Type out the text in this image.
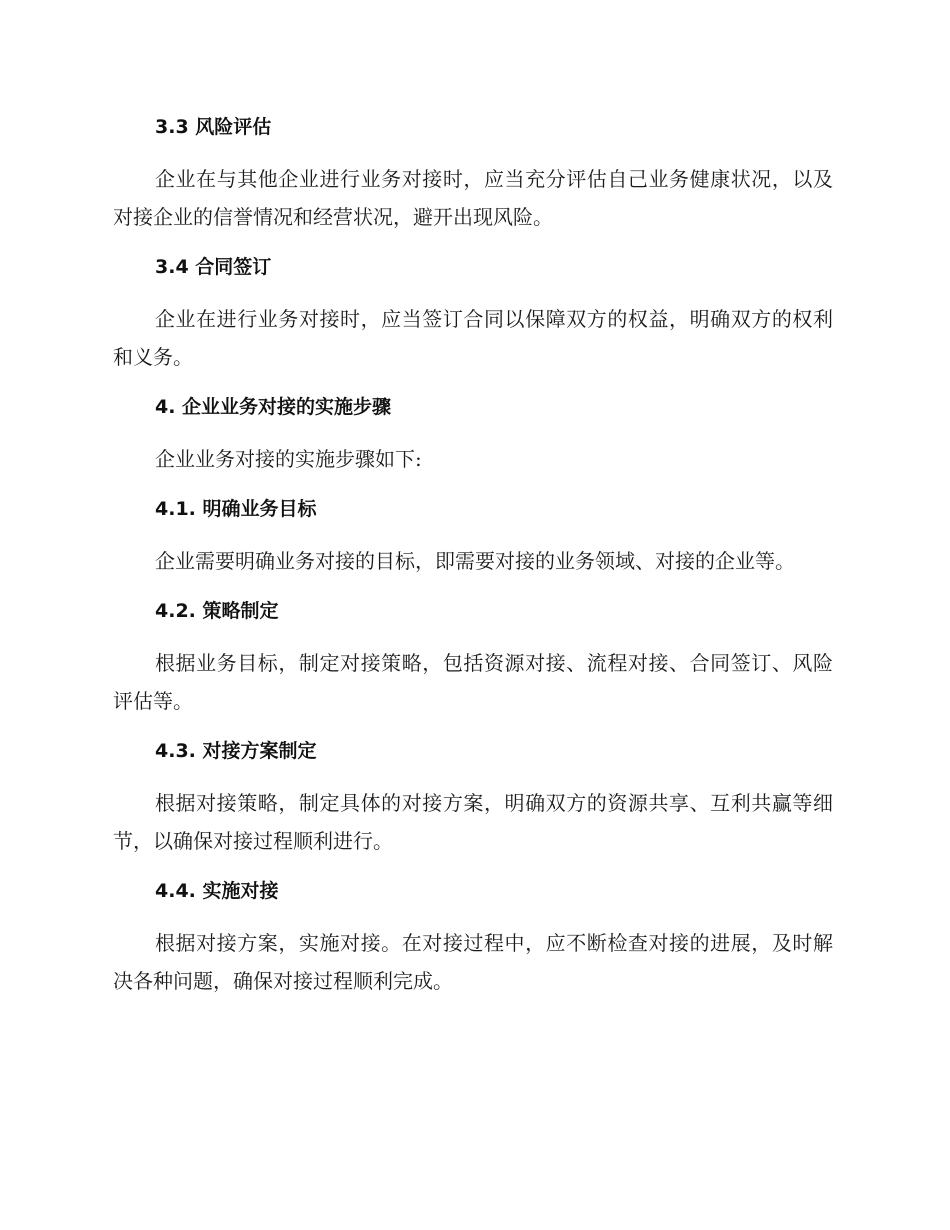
3.3 风险评估

企业在与其他企业进行业务对接时，应当充分评估自己业务健康状况，以及对接企业的信誉情况和经营状况，避开出现风险。

3.4 合同签订

企业在进行业务对接时，应当签订合同以保障双方的权益，明确双方的权利和义务。

4. 企业业务对接的实施步骤

企业业务对接的实施步骤如下:

4.1. 明确业务目标

企业需要明确业务对接的目标，即需要对接的业务领域、对接的企业等。

4.2. 策略制定

根据业务目标，制定对接策略，包括资源对接、流程对接、合同签订、风险评估等。

4.3. 对接方案制定

根据对接策略，制定具体的对接方案，明确双方的资源共享、互利共赢等细节，以确保对接过程顺利进行。

4.4. 实施对接

根据对接方案，实施对接。在对接过程中，应不断检查对接的进展，及时解决各种问题，确保对接过程顺利完成。
